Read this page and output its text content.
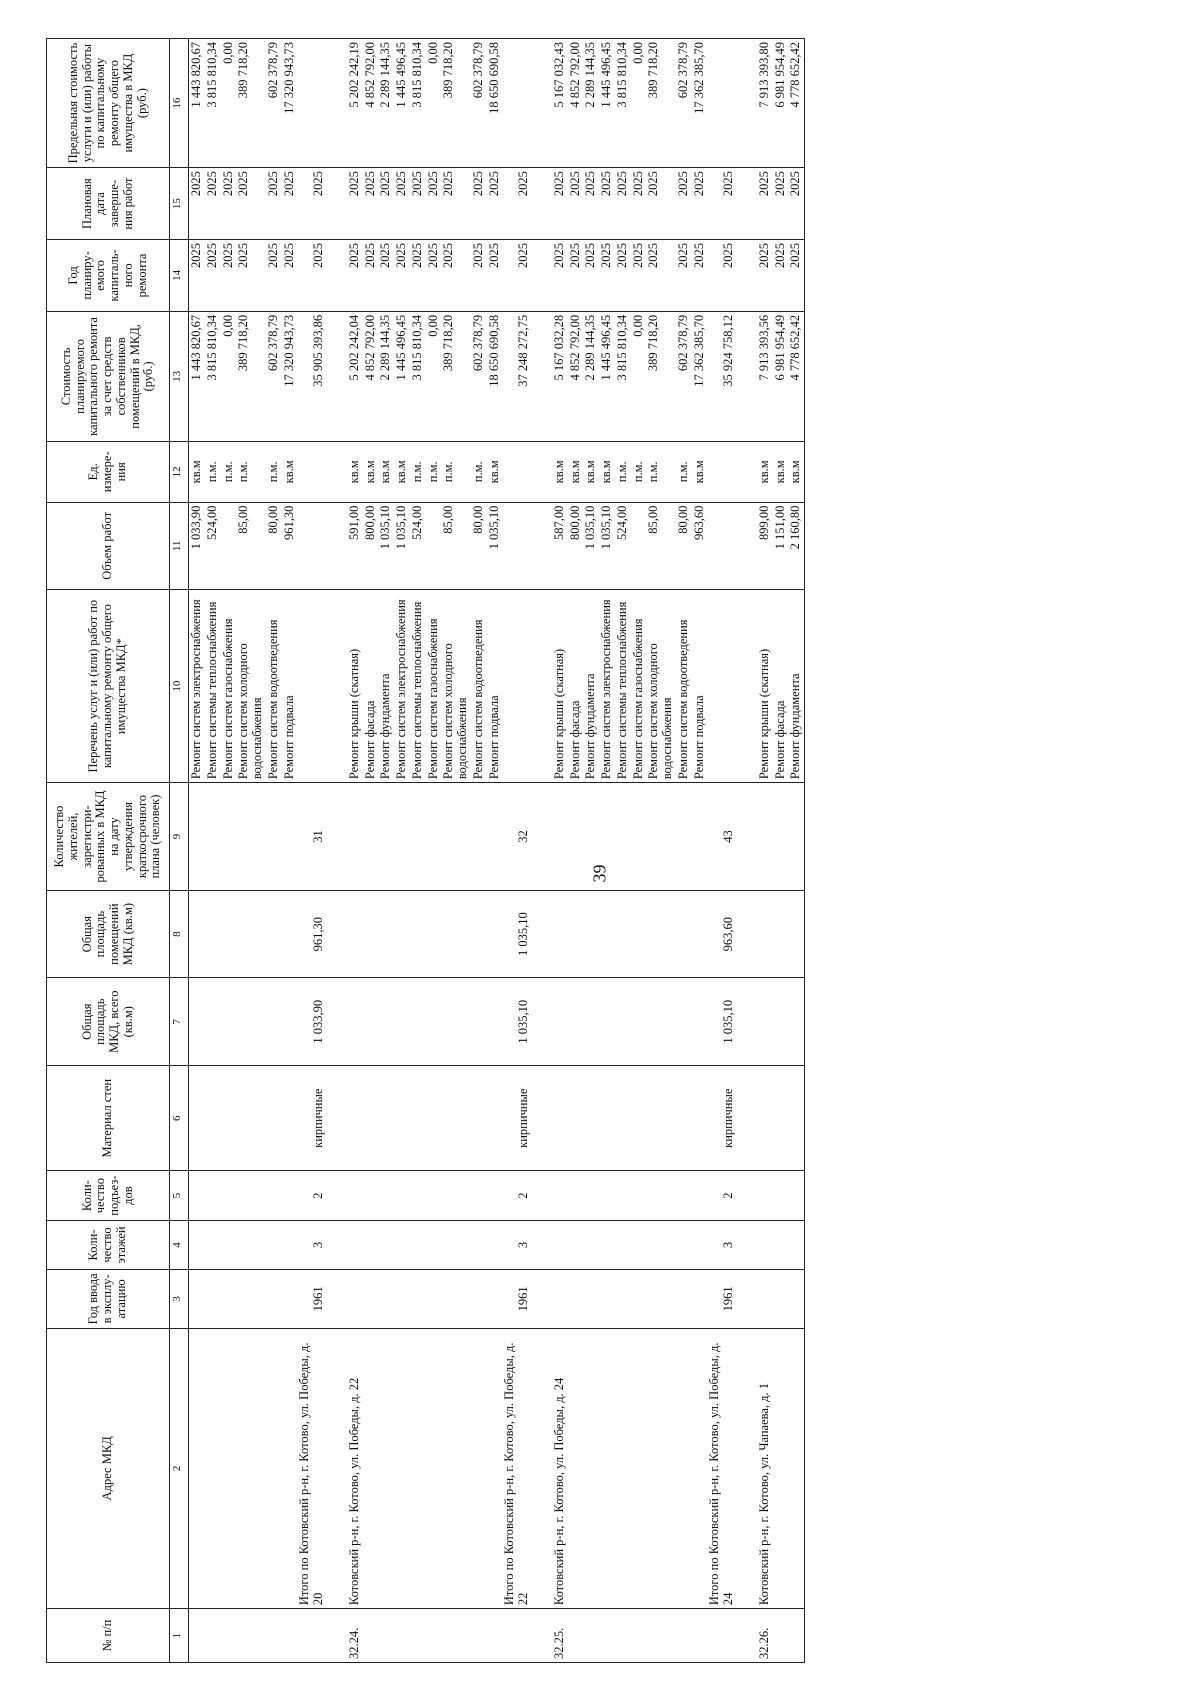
39
№ п/п	Адрес МКД	Год ввода в эксплу-атацию	Коли-чество этажей	Коли-чество подъез-дов	Материал стен	Общая площадь МКД, всего (кв.м)	Общая площадь помещений МКД (кв.м)	Количество жителей, зарегистри-рованных в МКД на дату утверждения краткосрочного плана (человек)	Перечень услуг и (или) работ по капитальному ремонту общего имущества МКД*	Объем работ	Ед. измере-ния	Стоимость планируемого капитального ремонта за счет средств собственников помещений в МКД, (руб.)	Год планиру-емого капиталь-ного ремонта	Плановая дата заверше-ния работ	Предельная стоимость услуги и (или) работы по капитальному ремонту общего имущества в МКД (руб.)
1	2	3	4	5	6	7	8	9	10	11	12	13	14	15	16
									Ремонт систем электроснабжения	1 033,90	кв.м	1 443 820,67	2025	2025	1 443 820,67
									Ремонт системы теплоснабжения	524,00	п.м.	3 815 810,34	2025	2025	3 815 810,34
									Ремонт систем газоснабжения		п.м.	0,00	2025	2025	0,00
									Ремонт систем холодного водоснабжения	85,00	п.м.	389 718,20	2025	2025	389 718,20
									Ремонт систем водоотведения	80,00	п.м.	602 378,79	2025	2025	602 378,79
									Ремонт подвала	961,30	кв.м	17 320 943,73	2025	2025	17 320 943,73
	Итого по Котовский р-н, г. Котово, ул. Победы, д. 20	1961	3	2	кирпичные	1 033,90	961,30	31				35 905 393,86	2025	2025	

32.24.	Котовский р-н, г. Котово, ул. Победы, д. 22								Ремонт крыши (скатная)	591,00	кв.м	5 202 242,04	2025	2025	5 202 242,19
									Ремонт фасада	800,00	кв.м	4 852 792,00	2025	2025	4 852 792,00
									Ремонт фундамента	1 035,10	кв.м	2 289 144,35	2025	2025	2 289 144,35
									Ремонт систем электроснабжения	1 035,10	кв.м	1 445 496,45	2025	2025	1 445 496,45
									Ремонт системы теплоснабжения	524,00	п.м.	3 815 810,34	2025	2025	3 815 810,34
									Ремонт систем газоснабжения		п.м.	0,00	2025	2025	0,00
									Ремонт систем холодного водоснабжения	85,00	п.м.	389 718,20	2025	2025	389 718,20
									Ремонт систем водоотведения	80,00	п.м.	602 378,79	2025	2025	602 378,79
									Ремонт подвала	1 035,10	кв.м	18 650 690,58	2025	2025	18 650 690,58
	Итого по Котовский р-н, г. Котово, ул. Победы, д. 22	1961	3	2	кирпичные	1 035,10	1 035,10	32				37 248 272,75	2025	2025	

32.25.	Котовский р-н, г. Котово, ул. Победы, д. 24								Ремонт крыши (скатная)	587,00	кв.м	5 167 032,28	2025	2025	5 167 032,43
									Ремонт фасада	800,00	кв.м	4 852 792,00	2025	2025	4 852 792,00
									Ремонт фундамента	1 035,10	кв.м	2 289 144,35	2025	2025	2 289 144,35
									Ремонт систем электроснабжения	1 035,10	кв.м	1 445 496,45	2025	2025	1 445 496,45
									Ремонт системы теплоснабжения	524,00	п.м.	3 815 810,34	2025	2025	3 815 810,34
									Ремонт систем газоснабжения		п.м.	0,00	2025	2025	0,00
									Ремонт систем холодного водоснабжения	85,00	п.м.	389 718,20	2025	2025	389 718,20
									Ремонт систем водоотведения	80,00	п.м.	602 378,79	2025	2025	602 378,79
									Ремонт подвала	963,60	кв.м	17 362 385,70	2025	2025	17 362 385,70
	Итого по Котовский р-н, г. Котово, ул. Победы, д. 24	1961	3	2	кирпичные	1 035,10	963,60	43				35 924 758,12	2025	2025	

32.26.	Котовский р-н, г. Котово, ул. Чапаева, д. 1								Ремонт крыши (скатная)	899,00	кв.м	7 913 393,56	2025	2025	7 913 393,80
									Ремонт фасада	1 151,00	кв.м	6 981 954,49	2025	2025	6 981 954,49
									Ремонт фундамента	2 160,80	кв.м	4 778 652,42	2025	2025	4 778 652,42
